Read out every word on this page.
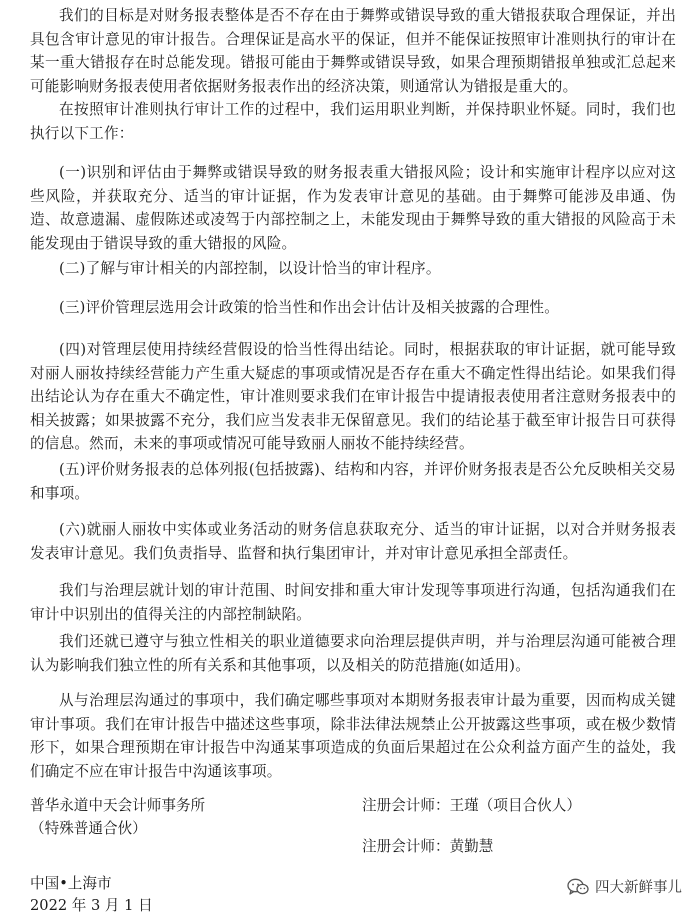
我们的目标是对财务报表整体是否不存在由于舞弊或错误导致的重大错报获取合理保证，并出具包含审计意见的审计报告。合理保证是高水平的保证，但并不能保证按照审计准则执行的审计在某一重大错报存在时总能发现。错报可能由于舞弊或错误导致，如果合理预期错报单独或汇总起来可能影响财务报表使用者依据财务报表作出的经济决策，则通常认为错报是重大的。

在按照审计准则执行审计工作的过程中，我们运用职业判断，并保持职业怀疑。同时，我们也执行以下工作：

(一)识别和评估由于舞弊或错误导致的财务报表重大错报风险；设计和实施审计程序以应对这些风险，并获取充分、适当的审计证据，作为发表审计意见的基础。由于舞弊可能涉及串通、伪造、故意遗漏、虚假陈述或凌驾于内部控制之上，未能发现由于舞弊导致的重大错报的风险高于未能发现由于错误导致的重大错报的风险。

(二)了解与审计相关的内部控制，以设计恰当的审计程序。

(三)评价管理层选用会计政策的恰当性和作出会计估计及相关披露的合理性。

(四)对管理层使用持续经营假设的恰当性得出结论。同时，根据获取的审计证据，就可能导致对丽人丽妆持续经营能力产生重大疑虑的事项或情况是否存在重大不确定性得出结论。如果我们得出结论认为存在重大不确定性，审计准则要求我们在审计报告中提请报表使用者注意财务报表中的相关披露；如果披露不充分，我们应当发表非无保留意见。我们的结论基于截至审计报告日可获得的信息。然而，未来的事项或情况可能导致丽人丽妆不能持续经营。

(五)评价财务报表的总体列报(包括披露)、结构和内容，并评价财务报表是否公允反映相关交易和事项。

(六)就丽人丽妆中实体或业务活动的财务信息获取充分、适当的审计证据，以对合并财务报表发表审计意见。我们负责指导、监督和执行集团审计，并对审计意见承担全部责任。

我们与治理层就计划的审计范围、时间安排和重大审计发现等事项进行沟通，包括沟通我们在审计中识别出的值得关注的内部控制缺陷。

我们还就已遵守与独立性相关的职业道德要求向治理层提供声明，并与治理层沟通可能被合理认为影响我们独立性的所有关系和其他事项，以及相关的防范措施(如适用)。

从与治理层沟通过的事项中，我们确定哪些事项对本期财务报表审计最为重要，因而构成关键审计事项。我们在审计报告中描述这些事项，除非法律法规禁止公开披露这些事项，或在极少数情形下，如果合理预期在审计报告中沟通某事项造成的负面后果超过在公众利益方面产生的益处，我们确定不应在审计报告中沟通该事项。

普华永道中天会计师事务所
（特殊普通合伙）
注册会计师：王瑾（项目合伙人）
注册会计师：黄勤慧
中国•上海市
2022 年 3 月 1 日
四大新鲜事儿
